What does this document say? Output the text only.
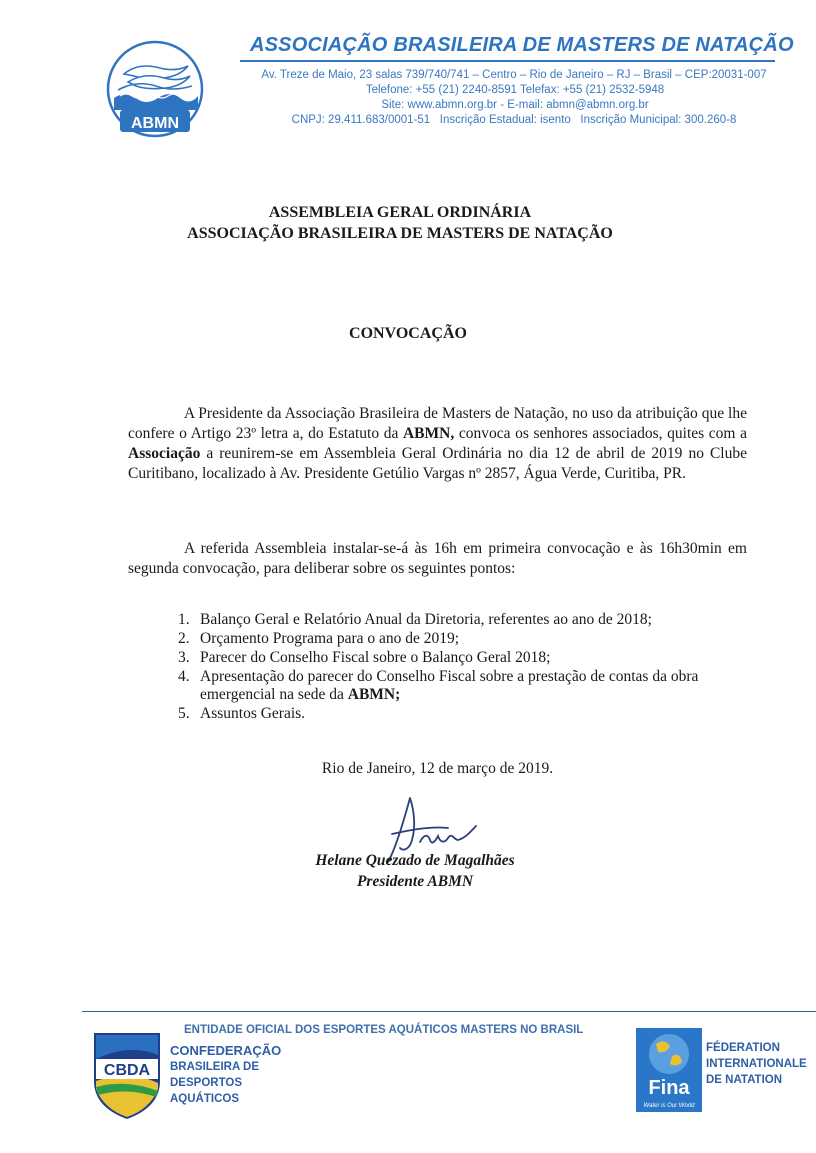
ABMN
ASSOCIAÇÃO BRASILEIRA DE MASTERS DE NATAÇÃO
Av. Treze de Maio, 23 salas 739/740/741 – Centro – Rio de Janeiro – RJ – Brasil – CEP:20031-007
Telefone: +55 (21) 2240-8591 Telefax: +55 (21) 2532-5948
Site: www.abmn.org.br - E-mail: abmn@abmn.org.br
CNPJ: 29.411.683/0001-51   Inscrição Estadual: isento   Inscrição Municipal: 300.260-8
ASSEMBLEIA GERAL ORDINÁRIA
ASSOCIAÇÃO BRASILEIRA DE MASTERS DE NATAÇÃO
CONVOCAÇÃO

A Presidente da Associação Brasileira de Masters de Natação, no uso da atribuição que lhe confere o Artigo 23º letra a, do Estatuto da ABMN, convoca os senhores associados, quites com a Associação a reunirem-se em Assembleia Geral Ordinária no dia 12 de abril de 2019 no Clube Curitibano, localizado à Av. Presidente Getúlio Vargas nº 2857, Água Verde, Curitiba, PR.

A referida Assembleia instalar-se-á às 16h em primeira convocação e às 16h30min em segunda convocação, para deliberar sobre os seguintes pontos:

1. Balanço Geral e Relatório Anual da Diretoria, referentes ao ano de 2018;
2. Orçamento Programa para o ano de 2019;
3. Parecer do Conselho Fiscal sobre o Balanço Geral 2018;
4. Apresentação do parecer do Conselho Fiscal sobre a prestação de contas da obra emergencial na sede da ABMN;
5. Assuntos Gerais.
Rio de Janeiro, 12 de março de 2019.
Helane Quezado de Magalhães
Presidente ABMN
ENTIDADE OFICIAL DOS ESPORTES AQUÁTICOS MASTERS NO BRASIL
CBDA
CONFEDERAÇÃO
BRASILEIRA DE
DESPORTOS
AQUÁTICOS	Fina
Water is Our World
FÉDERATION
INTERNATIONALE
DE NATATION
